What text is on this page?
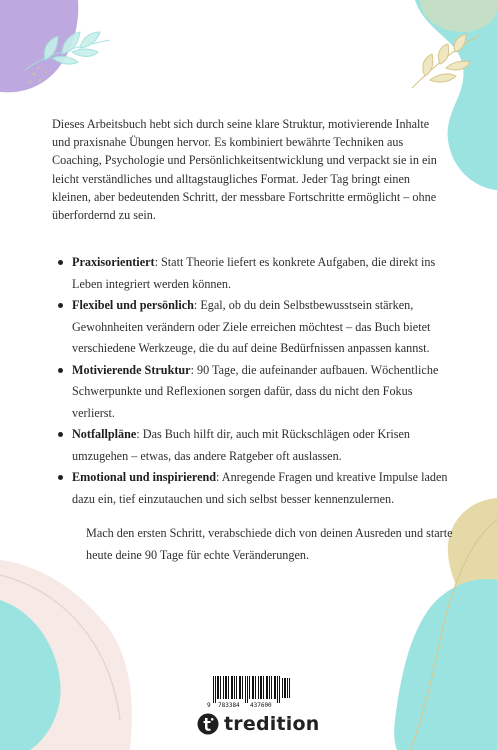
Dieses Arbeitsbuch hebt sich durch seine klare Struktur, motivierende Inhalte und praxisnahe Übungen hervor. Es kombiniert bewährte Techniken aus Coaching, Psychologie und Persönlichkeitsentwicklung und verpackt sie in ein leicht verständliches und alltagstaugliches Format. Jeder Tag bringt einen kleinen, aber bedeutenden Schritt, der messbare Fortschritte ermöglicht – ohne überfordernd zu sein.

Praxisorientiert: Statt Theorie liefert es konkrete Aufgaben, die direkt ins Leben integriert werden können.
Flexibel und persönlich: Egal, ob du dein Selbstbewusstsein stärken, Gewohnheiten verändern oder Ziele erreichen möchtest – das Buch bietet verschiedene Werkzeuge, die du auf deine Bedürfnissen anpassen kannst.
Motivierende Struktur: 90 Tage, die aufeinander aufbauen. Wöchentliche Schwerpunkte und Reflexionen sorgen dafür, dass du nicht den Fokus verlierst.
Notfallpläne: Das Buch hilft dir, auch mit Rückschlägen oder Krisen umzugehen – etwas, das andere Ratgeber oft auslassen.
Emotional und inspirierend: Anregende Fragen und kreative Impulse laden dazu ein, tief einzutauchen und sich selbst besser kennenzulernen.

Mach den ersten Schritt, verabschiede dich von deinen Ausreden und starte heute deine 90 Tage für echte Veränderungen.

9 783384 437600
tredition
